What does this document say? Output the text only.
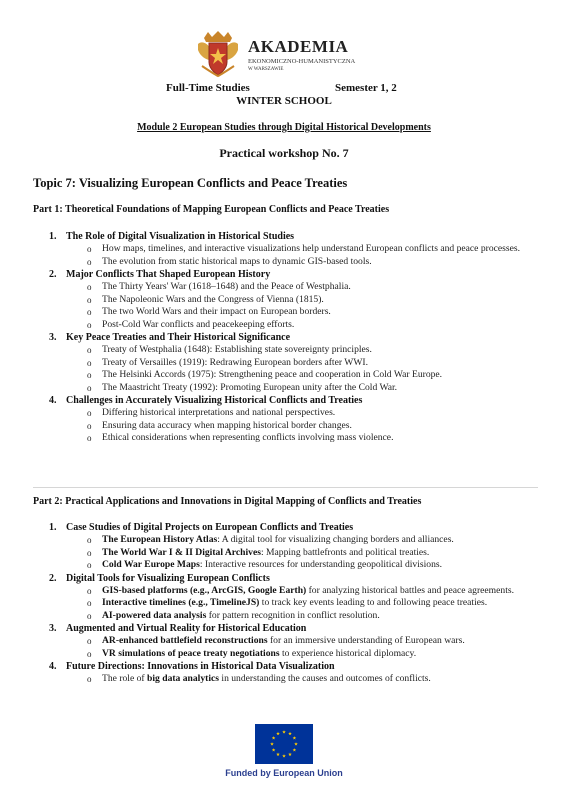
AKADEMIA
EKONOMICZNO-HUMANISTYCZNA
W WARSZAWIE
Full-Time Studies	Semester 1, 2
WINTER SCHOOL
Module 2 European Studies through Digital Historical Developments
Practical workshop No. 7
Topic 7: Visualizing European Conflicts and Peace Treaties
Part 1: Theoretical Foundations of Mapping European Conflicts and Peace Treaties
1. The Role of Digital Visualization in Historical Studies
o How maps, timelines, and interactive visualizations help understand European conflicts and peace processes.
o The evolution from static historical maps to dynamic GIS-based tools.
2. Major Conflicts That Shaped European History
o The Thirty Years' War (1618–1648) and the Peace of Westphalia.
o The Napoleonic Wars and the Congress of Vienna (1815).
o The two World Wars and their impact on European borders.
o Post-Cold War conflicts and peacekeeping efforts.
3. Key Peace Treaties and Their Historical Significance
o Treaty of Westphalia (1648): Establishing state sovereignty principles.
o Treaty of Versailles (1919): Redrawing European borders after WWI.
o The Helsinki Accords (1975): Strengthening peace and cooperation in Cold War Europe.
o The Maastricht Treaty (1992): Promoting European unity after the Cold War.
4. Challenges in Accurately Visualizing Historical Conflicts and Treaties
o Differing historical interpretations and national perspectives.
o Ensuring data accuracy when mapping historical border changes.
o Ethical considerations when representing conflicts involving mass violence.
Part 2: Practical Applications and Innovations in Digital Mapping of Conflicts and Treaties
1. Case Studies of Digital Projects on European Conflicts and Treaties
o The European History Atlas: A digital tool for visualizing changing borders and alliances.
o The World War I & II Digital Archives: Mapping battlefronts and political treaties.
o Cold War Europe Maps: Interactive resources for understanding geopolitical divisions.
2. Digital Tools for Visualizing European Conflicts
o GIS-based platforms (e.g., ArcGIS, Google Earth) for analyzing historical battles and peace agreements.
o Interactive timelines (e.g., TimelineJS) to track key events leading to and following peace treaties.
o AI-powered data analysis for pattern recognition in conflict resolution.
3. Augmented and Virtual Reality for Historical Education
o AR-enhanced battlefield reconstructions for an immersive understanding of European wars.
o VR simulations of peace treaty negotiations to experience historical diplomacy.
4. Future Directions: Innovations in Historical Data Visualization
o The role of big data analytics in understanding the causes and outcomes of conflicts.
Funded by European Union
